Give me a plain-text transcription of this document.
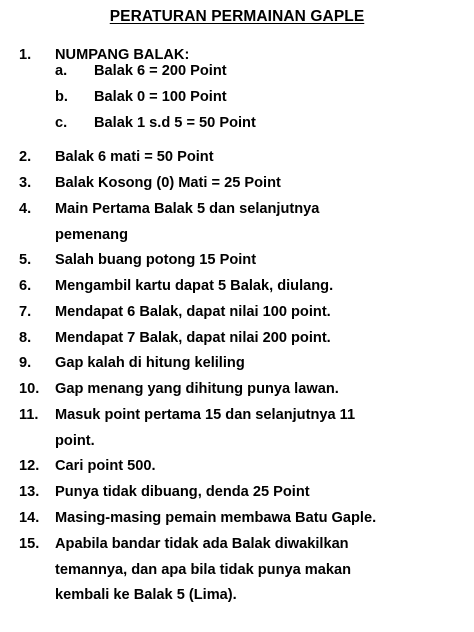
PERATURAN PERMAINAN GAPLE
1. NUMPANG BALAK:
a. Balak 6 = 200 Point
b. Balak 0 = 100 Point
c. Balak 1 s.d 5 = 50 Point
2. Balak 6 mati = 50 Point
3. Balak Kosong (0) Mati = 25 Point
4. Main Pertama Balak 5 dan selanjutnya
pemenang
5. Salah buang potong 15 Point
6. Mengambil kartu dapat 5 Balak, diulang.
7. Mendapat 6 Balak, dapat nilai 100 point.
8. Mendapat 7 Balak, dapat nilai 200 point.
9. Gap kalah di hitung keliling
10. Gap menang yang dihitung punya lawan.
11. Masuk point pertama 15 dan selanjutnya 11
point.
12. Cari point 500.
13. Punya tidak dibuang, denda 25 Point
14. Masing-masing pemain membawa Batu Gaple.
15. Apabila bandar tidak ada Balak diwakilkan
temannya, dan apa bila tidak punya makan
kembali ke Balak 5 (Lima).
